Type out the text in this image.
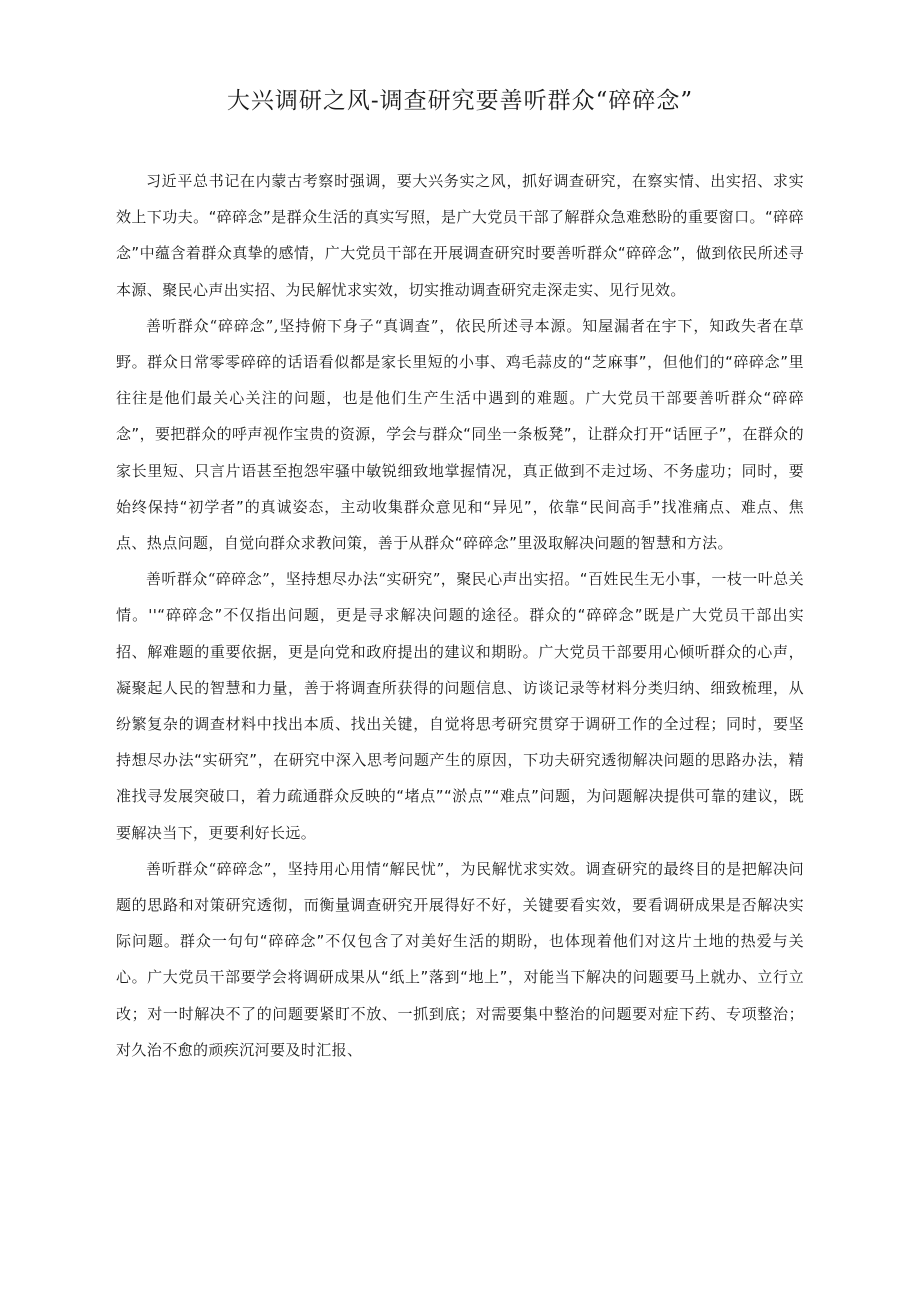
大兴调研之风-调查研究要善听群众“碎碎念”

习近平总书记在内蒙古考察时强调，要大兴务实之风，抓好调查研究，在察实情、出实招、求实效上下功夫。“碎碎念”是群众生活的真实写照，是广大党员干部了解群众急难愁盼的重要窗口。“碎碎念”中蕴含着群众真挚的感情，广大党员干部在开展调查研究时要善听群众“碎碎念”，做到依民所述寻本源、聚民心声出实招、为民解忧求实效，切实推动调查研究走深走实、见行见效。

善听群众“碎碎念”,坚持俯下身子“真调查”，依民所述寻本源。知屋漏者在宇下，知政失者在草野。群众日常零零碎碎的话语看似都是家长里短的小事、鸡毛蒜皮的“芝麻事”，但他们的“碎碎念”里往往是他们最关心关注的问题，也是他们生产生活中遇到的难题。广大党员干部要善听群众“碎碎念”，要把群众的呼声视作宝贵的资源，学会与群众“同坐一条板凳”，让群众打开“话匣子”，在群众的家长里短、只言片语甚至抱怨牢骚中敏锐细致地掌握情况，真正做到不走过场、不务虚功；同时，要始终保持“初学者”的真诚姿态，主动收集群众意见和“异见”，依靠“民间高手”找准痛点、难点、焦点、热点问题，自觉向群众求教问策，善于从群众“碎碎念”里汲取解决问题的智慧和方法。

善听群众“碎碎念”，坚持想尽办法“实研究”，聚民心声出实招。“百姓民生无小事，一枝一叶总关情。''“碎碎念”不仅指出问题，更是寻求解决问题的途径。群众的“碎碎念”既是广大党员干部出实招、解难题的重要依据，更是向党和政府提出的建议和期盼。广大党员干部要用心倾听群众的心声，凝聚起人民的智慧和力量，善于将调查所获得的问题信息、访谈记录等材料分类归纳、细致梳理，从纷繁复杂的调查材料中找出本质、找出关键，自觉将思考研究贯穿于调研工作的全过程；同时，要坚持想尽办法“实研究”，在研究中深入思考问题产生的原因，下功夫研究透彻解决问题的思路办法，精准找寻发展突破口，着力疏通群众反映的“堵点”“淤点”“难点”问题，为问题解决提供可靠的建议，既要解决当下，更要利好长远。

善听群众“碎碎念”，坚持用心用情“解民忧”，为民解忧求实效。调查研究的最终目的是把解决问题的思路和对策研究透彻，而衡量调查研究开展得好不好，关键要看实效，要看调研成果是否解决实际问题。群众一句句“碎碎念”不仅包含了对美好生活的期盼，也体现着他们对这片土地的热爱与关心。广大党员干部要学会将调研成果从“纸上”落到“地上”，对能当下解决的问题要马上就办、立行立改；对一时解决不了的问题要紧盯不放、一抓到底；对需要集中整治的问题要对症下药、专项整治；对久治不愈的顽疾沉河要及时汇报、
